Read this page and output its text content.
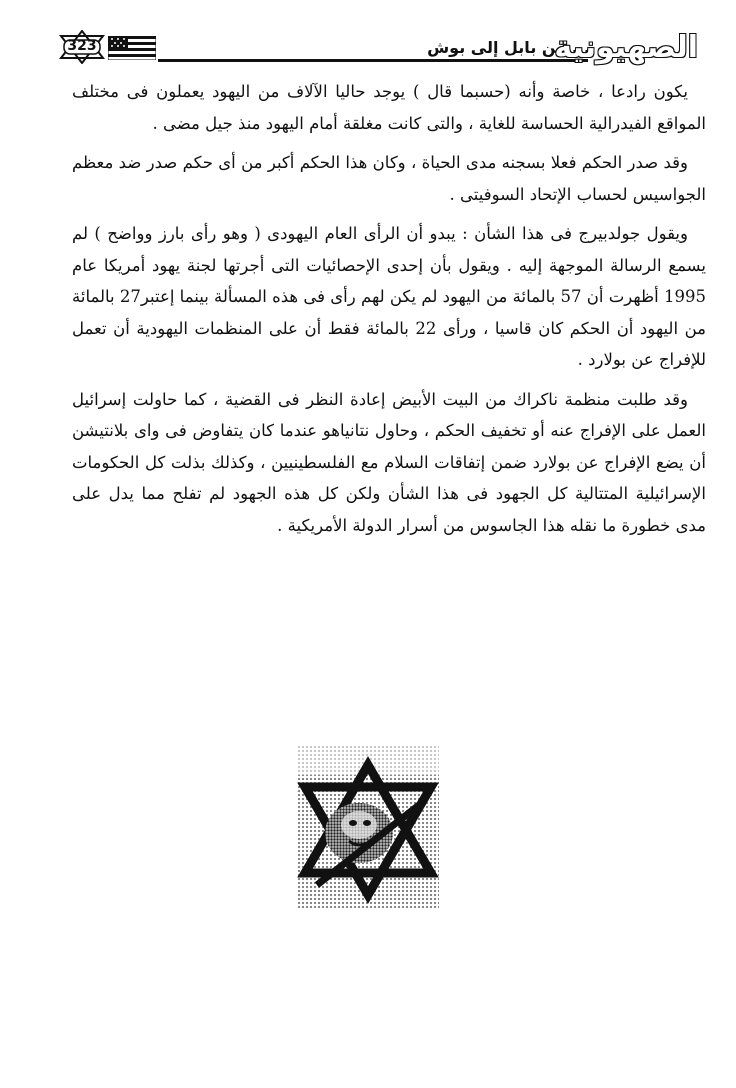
323	... من بابل إلى بوش
الصهيونية

يكون رادعا ، خاصة وأنه (حسبما قال ) يوجد حاليا الآلاف من اليهود يعملون فى مختلف المواقع الفيدرالية الحساسة للغاية ، والتى كانت مغلقة أمام اليهود منذ جيل مضى .

وقد صدر الحكم فعلا بسجنه مدى الحياة ، وكان هذا الحكم أكبر من أى حكم صدر ضد معظم الجواسيس لحساب الإتحاد السوفيتى .

ويقول جولدبيرج فى هذا الشأن : يبدو أن الرأى العام اليهودى ( وهو رأى بارز وواضح ) لم يسمع الرسالة الموجهة إليه . ويقول بأن إحدى الإحصائيات التى أجرتها لجنة يهود أمريكا عام 1995 أظهرت أن 57 بالمائة من اليهود لم يكن لهم رأى فى هذه المسألة بينما إعتبر27 بالمائة من اليهود أن الحكم كان قاسيا ، ورأى 22 بالمائة فقط أن على المنظمات اليهودية أن تعمل للإفراج عن بولارد .

وقد طلبت منظمة ناكراك من البيت الأبيض إعادة النظر فى القضية ، كما حاولت إسرائيل العمل على الإفراج عنه أو تخفيف الحكم ، وحاول نتانياهو عندما كان يتفاوض فى واى بلانتيشن أن يضع الإفراج عن بولارد ضمن إتفاقات السلام مع الفلسطينيين ، وكذلك بذلت كل الحكومات الإسرائيلية المتتالية كل الجهود فى هذا الشأن ولكن كل هذه الجهود لم تفلح مما يدل على مدى خطورة ما نقله هذا الجاسوس من أسرار الدولة الأمريكية .
